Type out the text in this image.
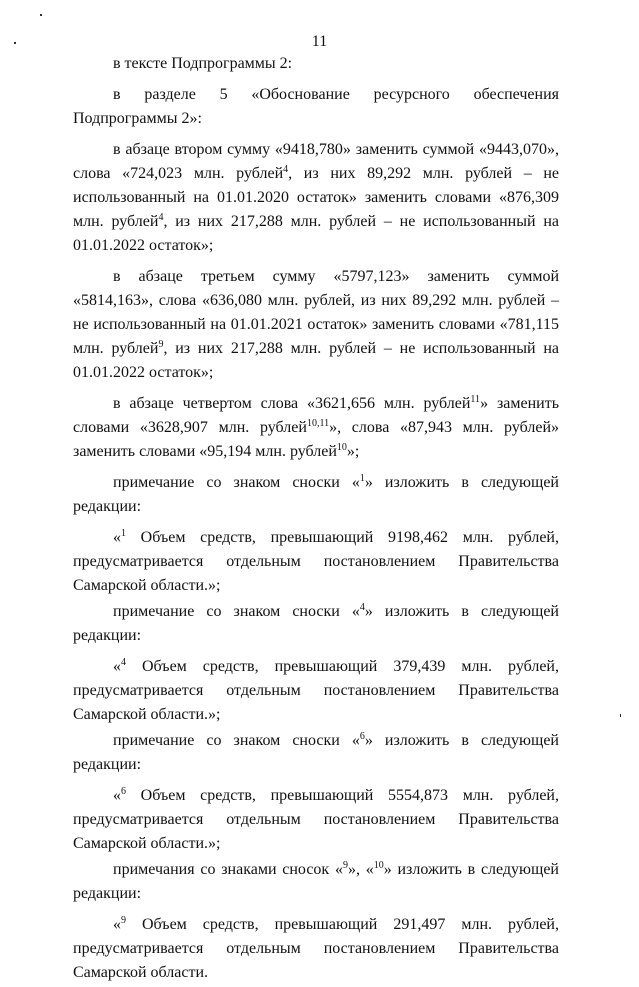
11

в тексте Подпрограммы 2:

в разделе 5 «Обоснование ресурсного обеспечения Подпрограммы 2»:

в абзаце втором сумму «9418,780» заменить суммой «9443,070», слова «724,023 млн. рублей$^4$, из них 89,292 млн. рублей – не использованный на 01.01.2020 остаток» заменить словами «876,309 млн. рублей$^4$, из них 217,288 млн. рублей – не использованный на 01.01.2022 остаток»;

в абзаце третьем сумму «5797,123» заменить суммой «5814,163», слова «636,080 млн. рублей, из них 89,292 млн. рублей – не использованный на 01.01.2021 остаток» заменить словами «781,115 млн. рублей$^9$, из них 217,288 млн. рублей – не использованный на 01.01.2022 остаток»;

в абзаце четвертом слова «3621,656 млн. рублей$^{11}$» заменить словами «3628,907 млн. рублей$^{10,11}$», слова «87,943 млн. рублей» заменить словами «95,194 млн. рублей$^{10}$»;

примечание со знаком сноски «$^1$» изложить в следующей редакции:

«$^1$ Объем средств, превышающий 9198,462 млн. рублей, предусматривается отдельным постановлением Правительства Самарской области.»;

примечание со знаком сноски «$^4$» изложить в следующей редакции:

«$^4$ Объем средств, превышающий 379,439 млн. рублей, предусматривается отдельным постановлением Правительства Самарской области.»;

примечание со знаком сноски «$^6$» изложить в следующей редакции:

«$^6$ Объем средств, превышающий 5554,873 млн. рублей, предусматривается отдельным постановлением Правительства Самарской области.»;

примечания со знаками сносок «$^9$», «$^{10}$» изложить в следующей редакции:

«$^9$ Объем средств, превышающий 291,497 млн. рублей, предусматривается отдельным постановлением Правительства Самарской области.
